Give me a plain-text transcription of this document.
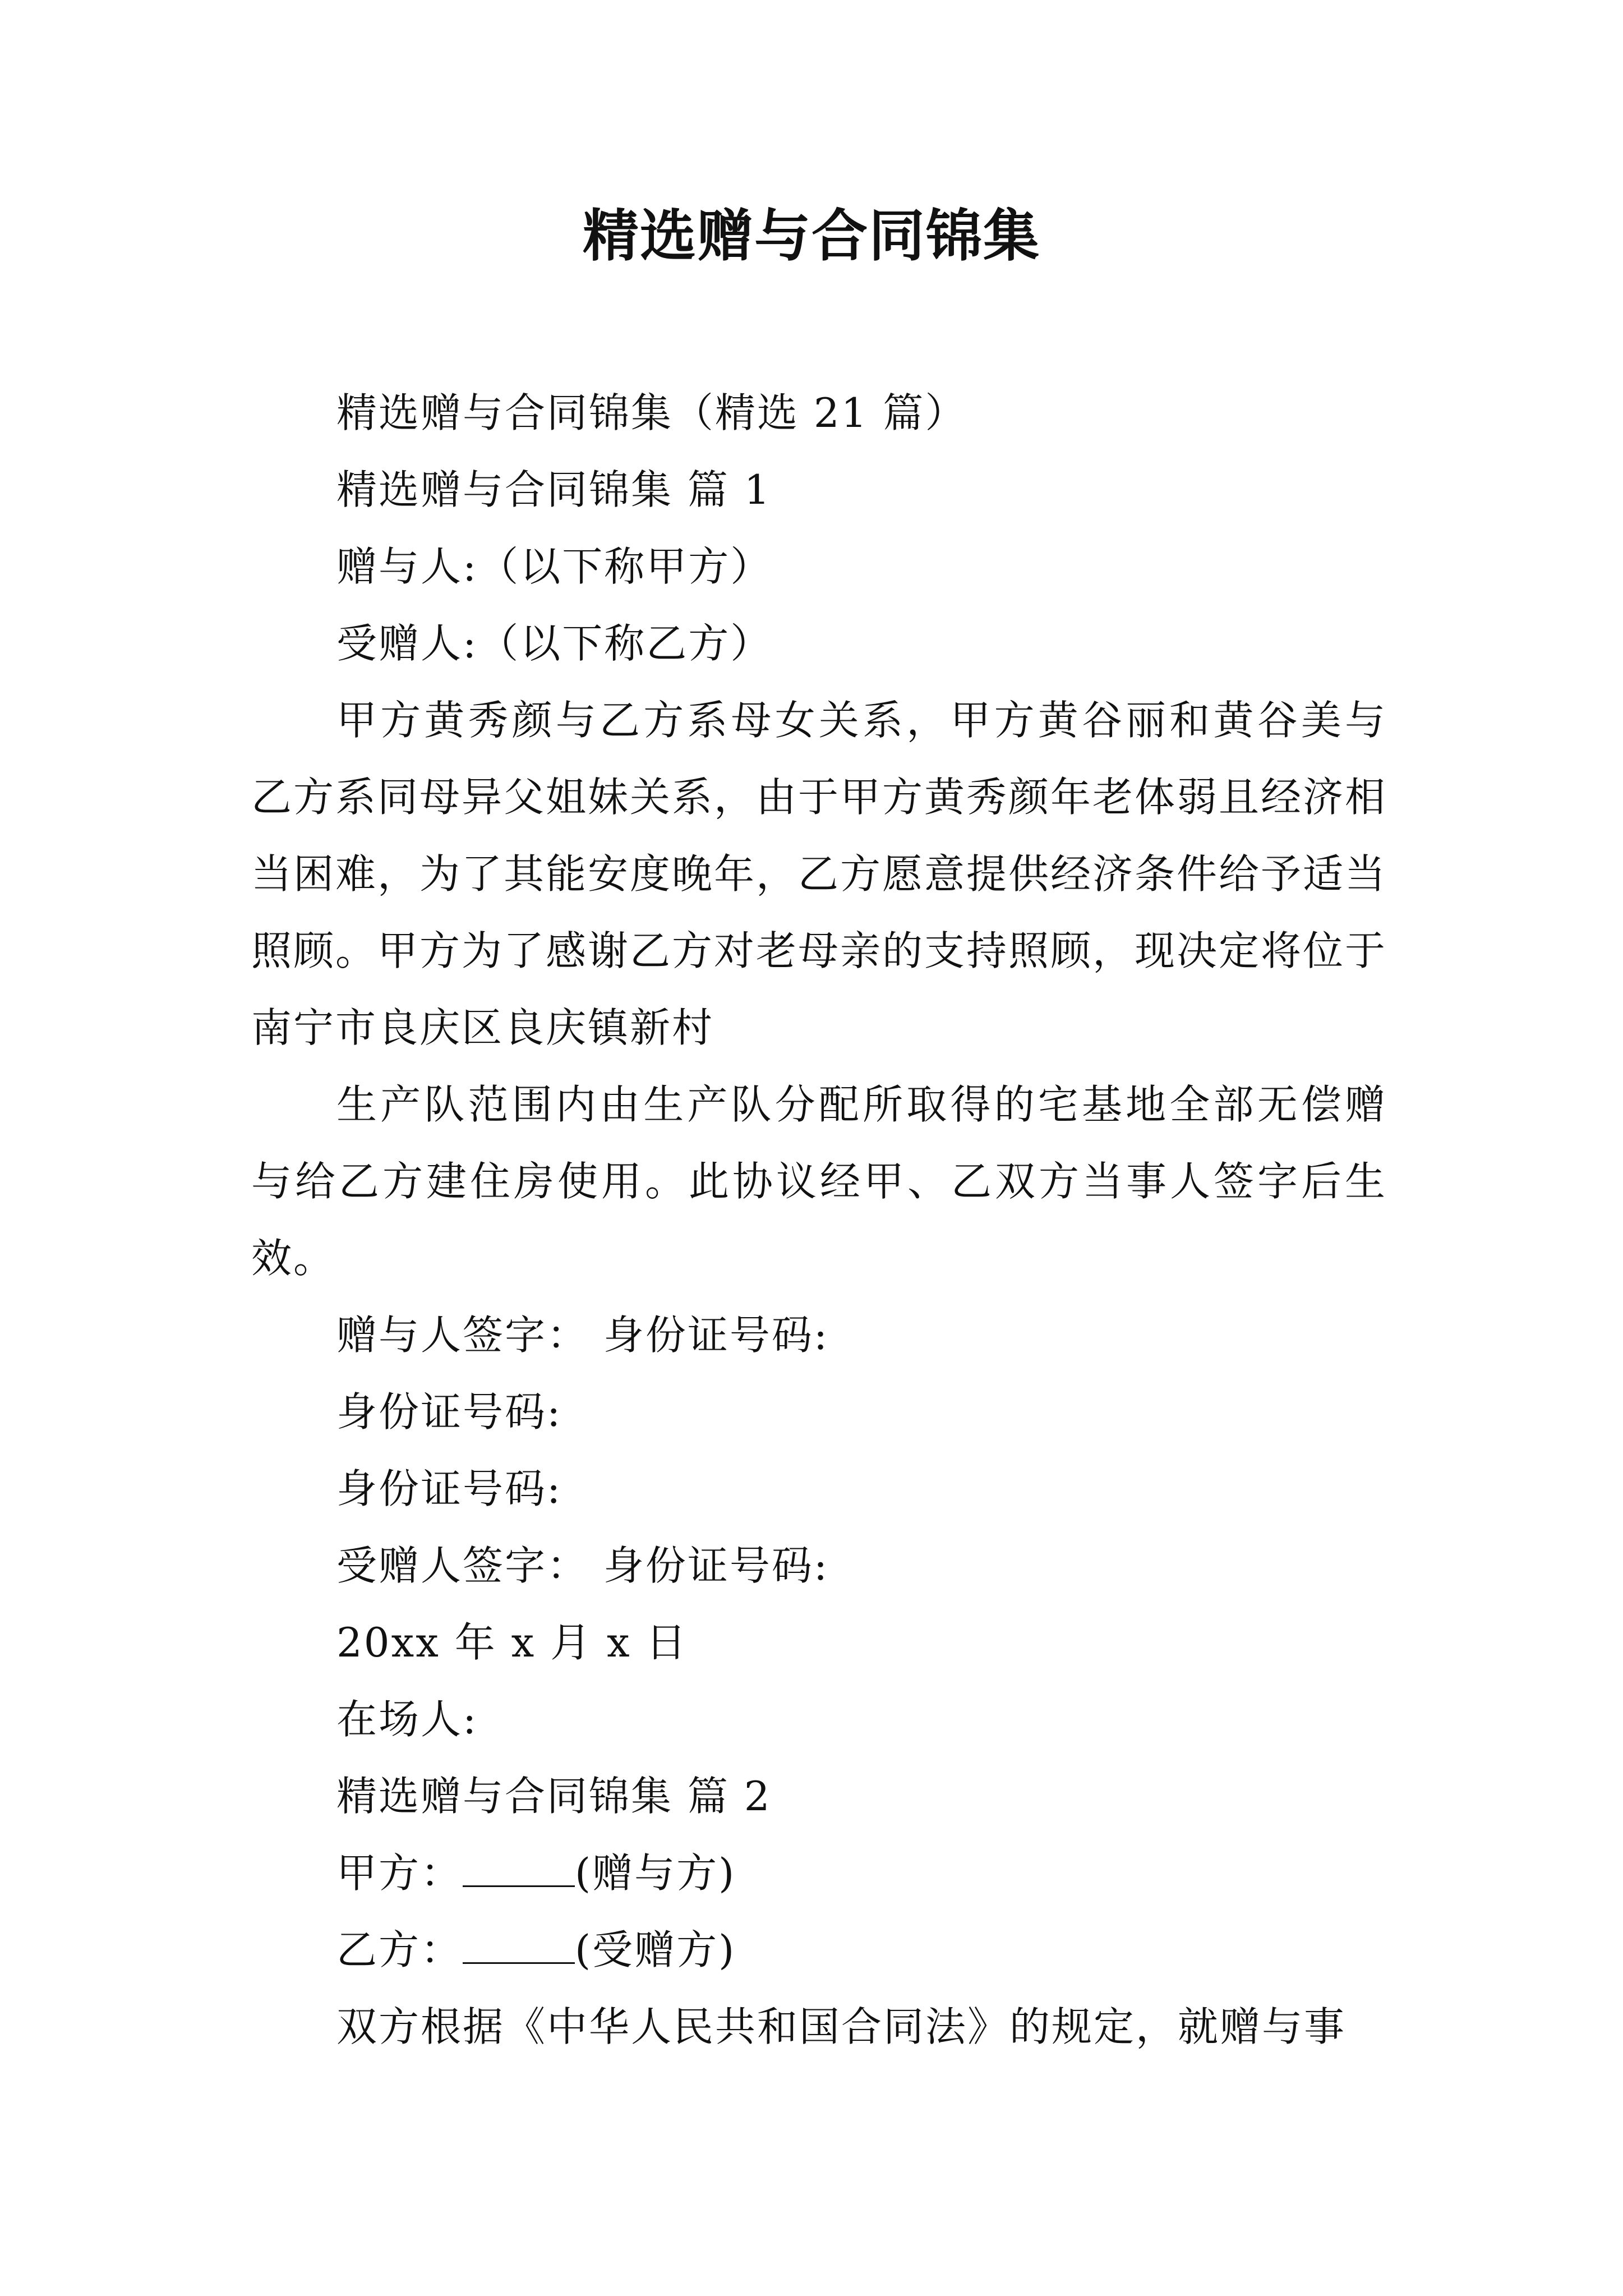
精选赠与合同锦集
精选赠与合同锦集（精选 21 篇）
精选赠与合同锦集 篇 1
赠与人:（以下称甲方）
受赠人:（以下称乙方）
甲方黄秀颜与乙方系母女关系，甲方黄谷丽和黄谷美与乙方系同母异父姐妹关系，由于甲方黄秀颜年老体弱且经济相当困难，为了其能安度晚年，乙方愿意提供经济条件给予适当照顾。甲方为了感谢乙方对老母亲的支持照顾，现决定将位于南宁市良庆区良庆镇新村
生产队范围内由生产队分配所取得的宅基地全部无偿赠与给乙方建住房使用。此协议经甲、乙双方当事人签字后生效。
赠与人签字： 身份证号码:
身份证号码:
身份证号码:
受赠人签字： 身份证号码:
20xx 年 x 月 x 日
在场人:
精选赠与合同锦集 篇 2
甲方：	(赠与方)
乙方：	(受赠方)
双方根据《中华人民共和国合同法》的规定，就赠与事
